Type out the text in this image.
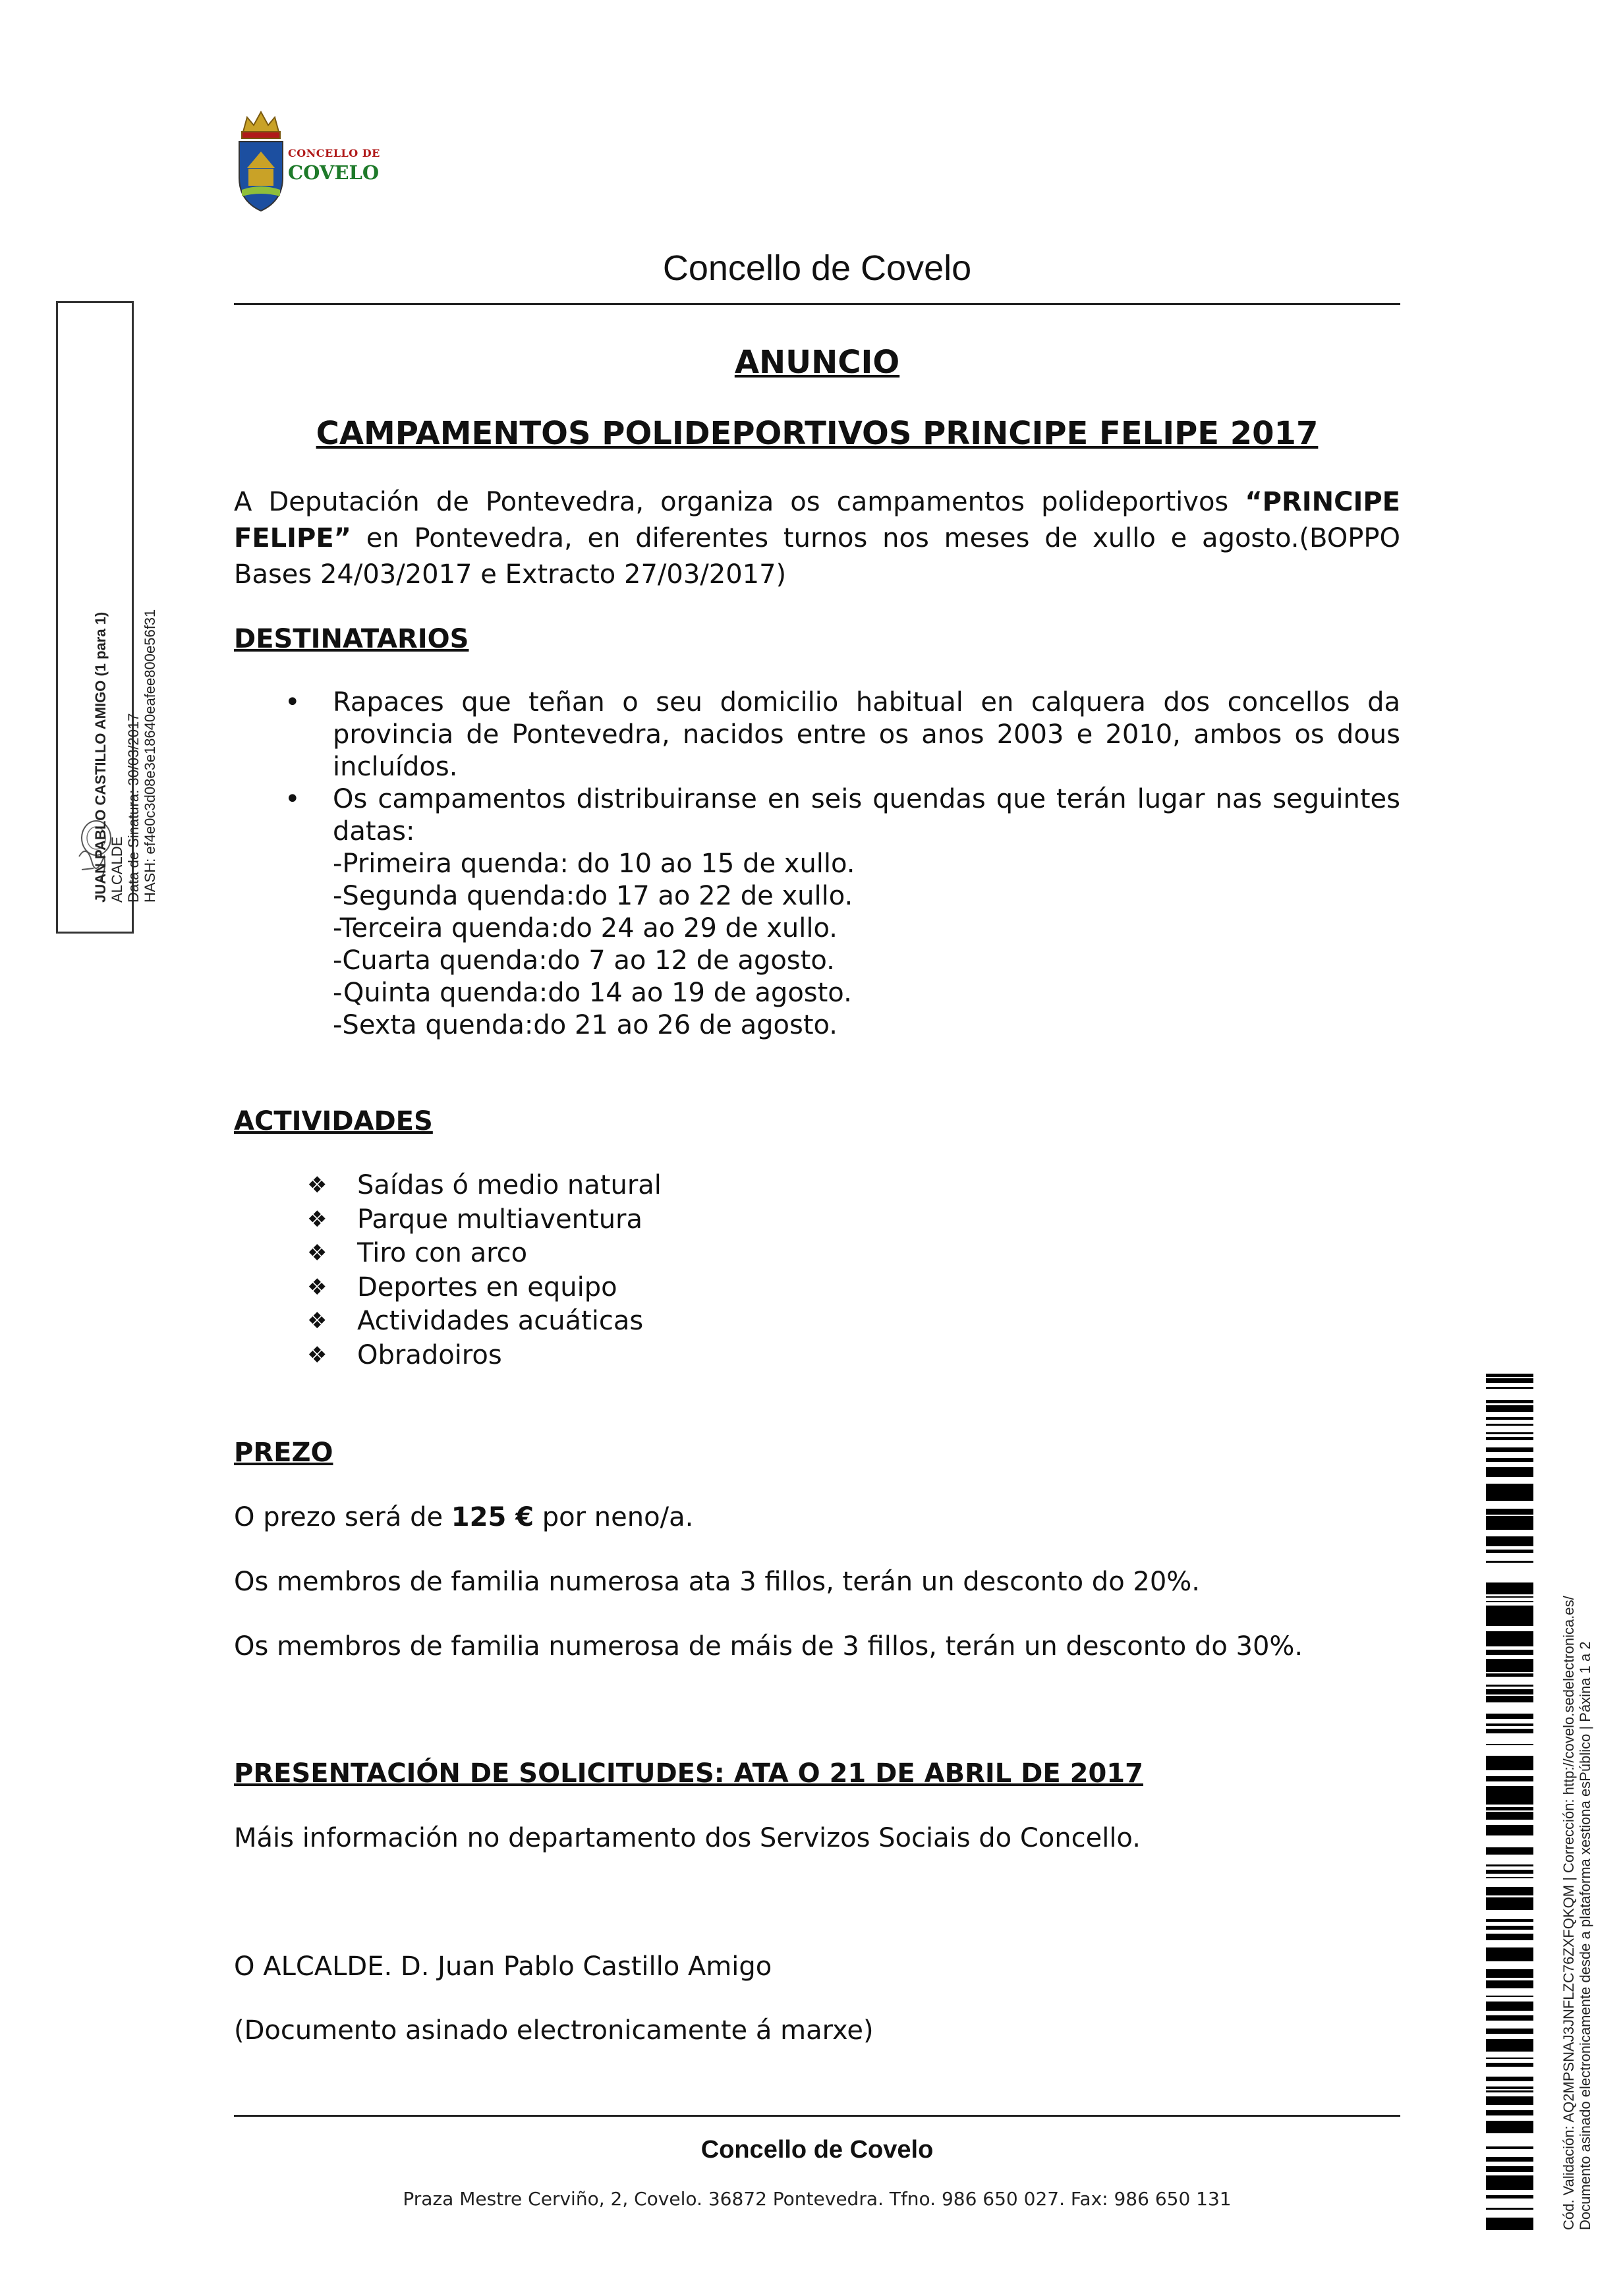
CONCELLO DE
COVELO
Concello de Covelo
ANUNCIO
CAMPAMENTOS POLIDEPORTIVOS PRINCIPE FELIPE 2017
A Deputación de Pontevedra, organiza os campamentos polideportivos “PRINCIPE FELIPE” en Pontevedra, en diferentes turnos nos meses de xullo e agosto.(BOPPO Bases 24/03/2017 e Extracto 27/03/2017)
DESTINATARIOS
• Rapaces que teñan o seu domicilio habitual en calquera dos concellos da provincia de Pontevedra, nacidos entre os anos 2003 e 2010, ambos os dous incluídos.
• Os campamentos distribuiranse en seis quendas que terán lugar nas seguintes datas:
-Primeira quenda: do 10 ao 15 de xullo.
-Segunda quenda:do 17 ao 22 de xullo.
-Terceira quenda:do 24 ao 29 de xullo.
-Cuarta quenda:do 7 ao 12 de agosto.
-Quinta quenda:do 14 ao 19 de agosto.
-Sexta quenda:do 21 ao 26 de agosto.
ACTIVIDADES
❖ Saídas ó medio natural
❖ Parque multiaventura
❖ Tiro con arco
❖ Deportes en equipo
❖ Actividades acuáticas
❖ Obradoiros
PREZO
O prezo será de 125 € por neno/a.
Os membros de familia numerosa ata 3 fillos, terán un desconto do 20%.
Os membros de familia numerosa de máis de 3 fillos, terán un desconto do 30%.
PRESENTACIÓN DE SOLICITUDES: ATA O 21 DE ABRIL DE 2017
Máis información no departamento dos Servizos Sociais do Concello.
O ALCALDE. D. Juan Pablo Castillo Amigo
(Documento asinado electronicamente á marxe)
Concello de Covelo
Praza Mestre Cerviño, 2, Covelo. 36872 Pontevedra. Tfno. 986 650 027. Fax: 986 650 131
JUAN PABLO CASTILLO AMIGO (1 para 1) ALCALDE Data de Sinatura: 30/03/2017 HASH: ef4e0c3d08e3e18640eafee800e56f31
Cód. Validación: AQ2MPSNAJ3JNFLZC76ZXFQKQM | Corrección: http://covelo.sedelectronica.es/ Documento asinado electronicamente desde a plataforma xestiona esPúblico | Páxina 1 a 2
